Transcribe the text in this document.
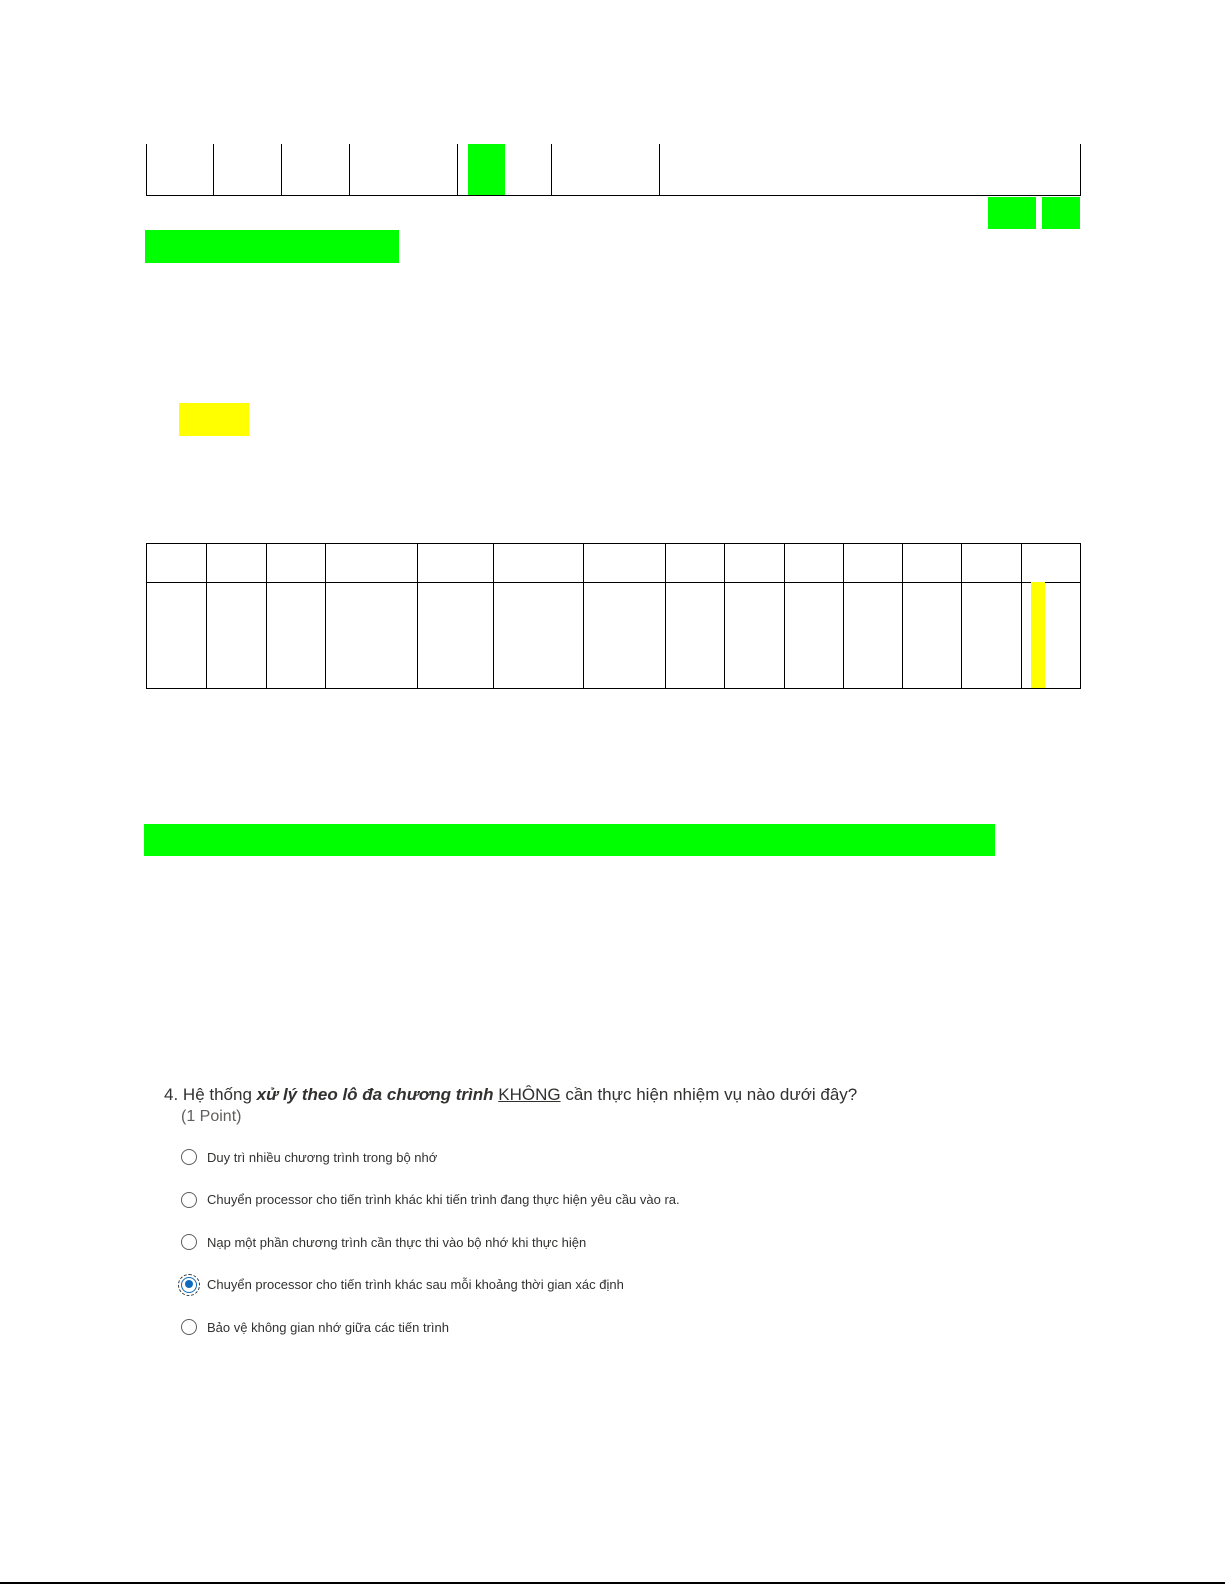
4. Hệ thống xử lý theo lô đa chương trình KHÔNG cần thực hiện nhiệm vụ nào dưới đây?
(1 Point)
Duy trì nhiều chương trình trong bộ nhớ
Chuyển processor cho tiến trình khác khi tiến trình đang thực hiện yêu cầu vào ra.
Nạp một phần chương trình cần thực thi vào bộ nhớ khi thực hiện
Chuyển processor cho tiến trình khác sau mỗi khoảng thời gian xác định
Bảo vệ không gian nhớ giữa các tiến trình
